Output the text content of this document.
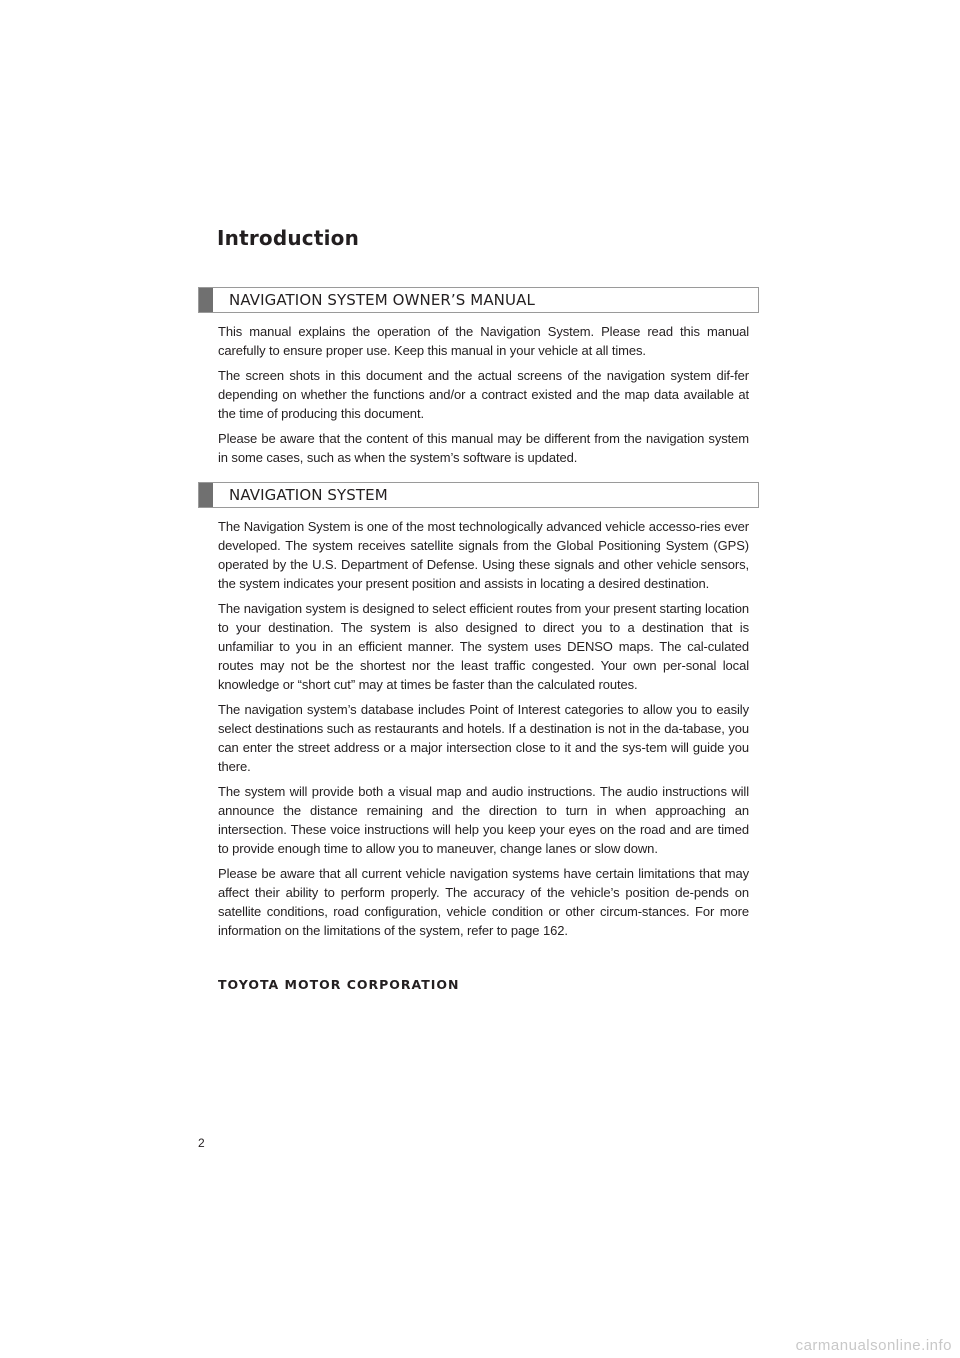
Introduction
NAVIGATION SYSTEM OWNER’S MANUAL

This manual explains the operation of the Navigation System. Please read this manual carefully to ensure proper use. Keep this manual in your vehicle at all times.

The screen shots in this document and the actual screens of the navigation system dif-fer depending on whether the functions and/or a contract existed and the map data available at the time of producing this document.

Please be aware that the content of this manual may be different from the navigation system in some cases, such as when the system’s software is updated.

NAVIGATION SYSTEM

The Navigation System is one of the most technologically advanced vehicle accesso-ries ever developed. The system receives satellite signals from the Global Positioning System (GPS) operated by the U.S. Department of Defense. Using these signals and other vehicle sensors, the system indicates your present position and assists in locating a desired destination.

The navigation system is designed to select efficient routes from your present starting location to your destination. The system is also designed to direct you to a destination that is unfamiliar to you in an efficient manner. The system uses DENSO maps. The cal-culated routes may not be the shortest nor the least traffic congested. Your own per-sonal local knowledge or “short cut” may at times be faster than the calculated routes.

The navigation system’s database includes Point of Interest categories to allow you to easily select destinations such as restaurants and hotels. If a destination is not in the da-tabase, you can enter the street address or a major intersection close to it and the sys-tem will guide you there.

The system will provide both a visual map and audio instructions. The audio instructions will announce the distance remaining and the direction to turn in when approaching an intersection. These voice instructions will help you keep your eyes on the road and are timed to provide enough time to allow you to maneuver, change lanes or slow down.

Please be aware that all current vehicle navigation systems have certain limitations that may affect their ability to perform properly. The accuracy of the vehicle’s position de-pends on satellite conditions, road configuration, vehicle condition or other circum-stances. For more information on the limitations of the system, refer to page 162.

TOYOTA MOTOR CORPORATION
2
carmanualsonline.info
